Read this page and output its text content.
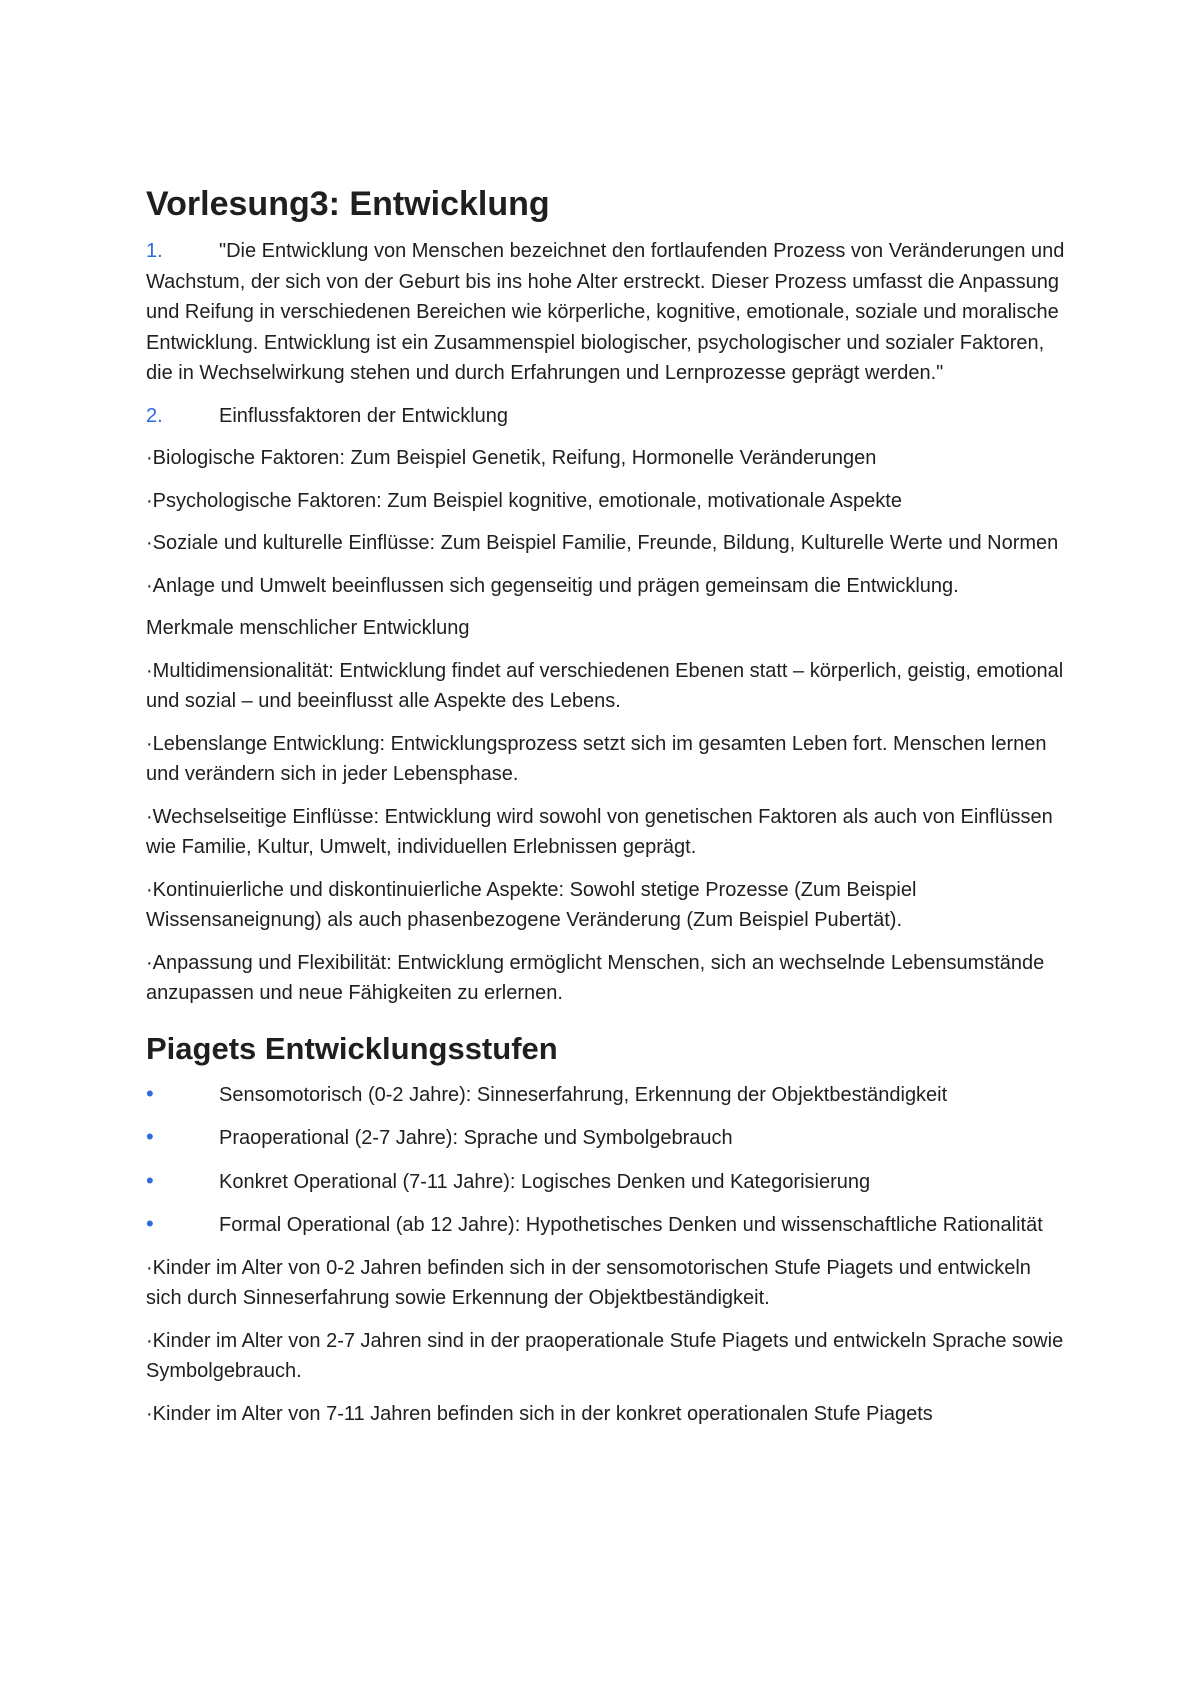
Vorlesung3: Entwicklung

1.	"Die Entwicklung von Menschen bezeichnet den fortlaufenden Prozess von Veränderungen und Wachstum, der sich von der Geburt bis ins hohe Alter erstreckt. Dieser Prozess umfasst die Anpassung und Reifung in verschiedenen Bereichen wie körperliche, kognitive, emotionale, soziale und moralische Entwicklung. Entwicklung ist ein Zusammenspiel biologischer, psychologischer und sozialer Faktoren, die in Wechselwirkung stehen und durch Erfahrungen und Lernprozesse geprägt werden."

2.	Einflussfaktoren der Entwicklung

·Biologische Faktoren: Zum Beispiel Genetik, Reifung, Hormonelle Veränderungen

·Psychologische Faktoren: Zum Beispiel kognitive, emotionale, motivationale Aspekte

·Soziale und kulturelle Einflüsse: Zum Beispiel Familie, Freunde, Bildung, Kulturelle Werte und Normen

·Anlage und Umwelt beeinflussen sich gegenseitig und prägen gemeinsam die Entwicklung.

Merkmale menschlicher Entwicklung

·Multidimensionalität: Entwicklung findet auf verschiedenen Ebenen statt – körperlich, geistig, emotional und sozial – und beeinflusst alle Aspekte des Lebens.

·Lebenslange Entwicklung: Entwicklungsprozess setzt sich im gesamten Leben fort. Menschen lernen und verändern sich in jeder Lebensphase.

·Wechselseitige Einflüsse: Entwicklung wird sowohl von genetischen Faktoren als auch von Einflüssen wie Familie, Kultur, Umwelt, individuellen Erlebnissen geprägt.

·Kontinuierliche und diskontinuierliche Aspekte: Sowohl stetige Prozesse (Zum Beispiel Wissensaneignung) als auch phasenbezogene Veränderung (Zum Beispiel Pubertät).

·Anpassung und Flexibilität: Entwicklung ermöglicht Menschen, sich an wechselnde Lebensumstände anzupassen und neue Fähigkeiten zu erlernen.

Piagets Entwicklungsstufen

•	Sensomotorisch (0-2 Jahre): Sinneserfahrung, Erkennung der Objektbeständigkeit

•	Praoperational (2-7 Jahre): Sprache und Symbolgebrauch

•	Konkret Operational (7-11 Jahre): Logisches Denken und Kategorisierung

•	Formal Operational (ab 12 Jahre): Hypothetisches Denken und wissenschaftliche Rationalität

·Kinder im Alter von 0-2 Jahren befinden sich in der sensomotorischen Stufe Piagets und entwickeln sich durch Sinneserfahrung sowie Erkennung der Objektbeständigkeit.

·Kinder im Alter von 2-7 Jahren sind in der praoperationale Stufe Piagets und entwickeln Sprache sowie Symbolgebrauch.

·Kinder im Alter von 7-11 Jahren befinden sich in der konkret operationalen Stufe Piagets
